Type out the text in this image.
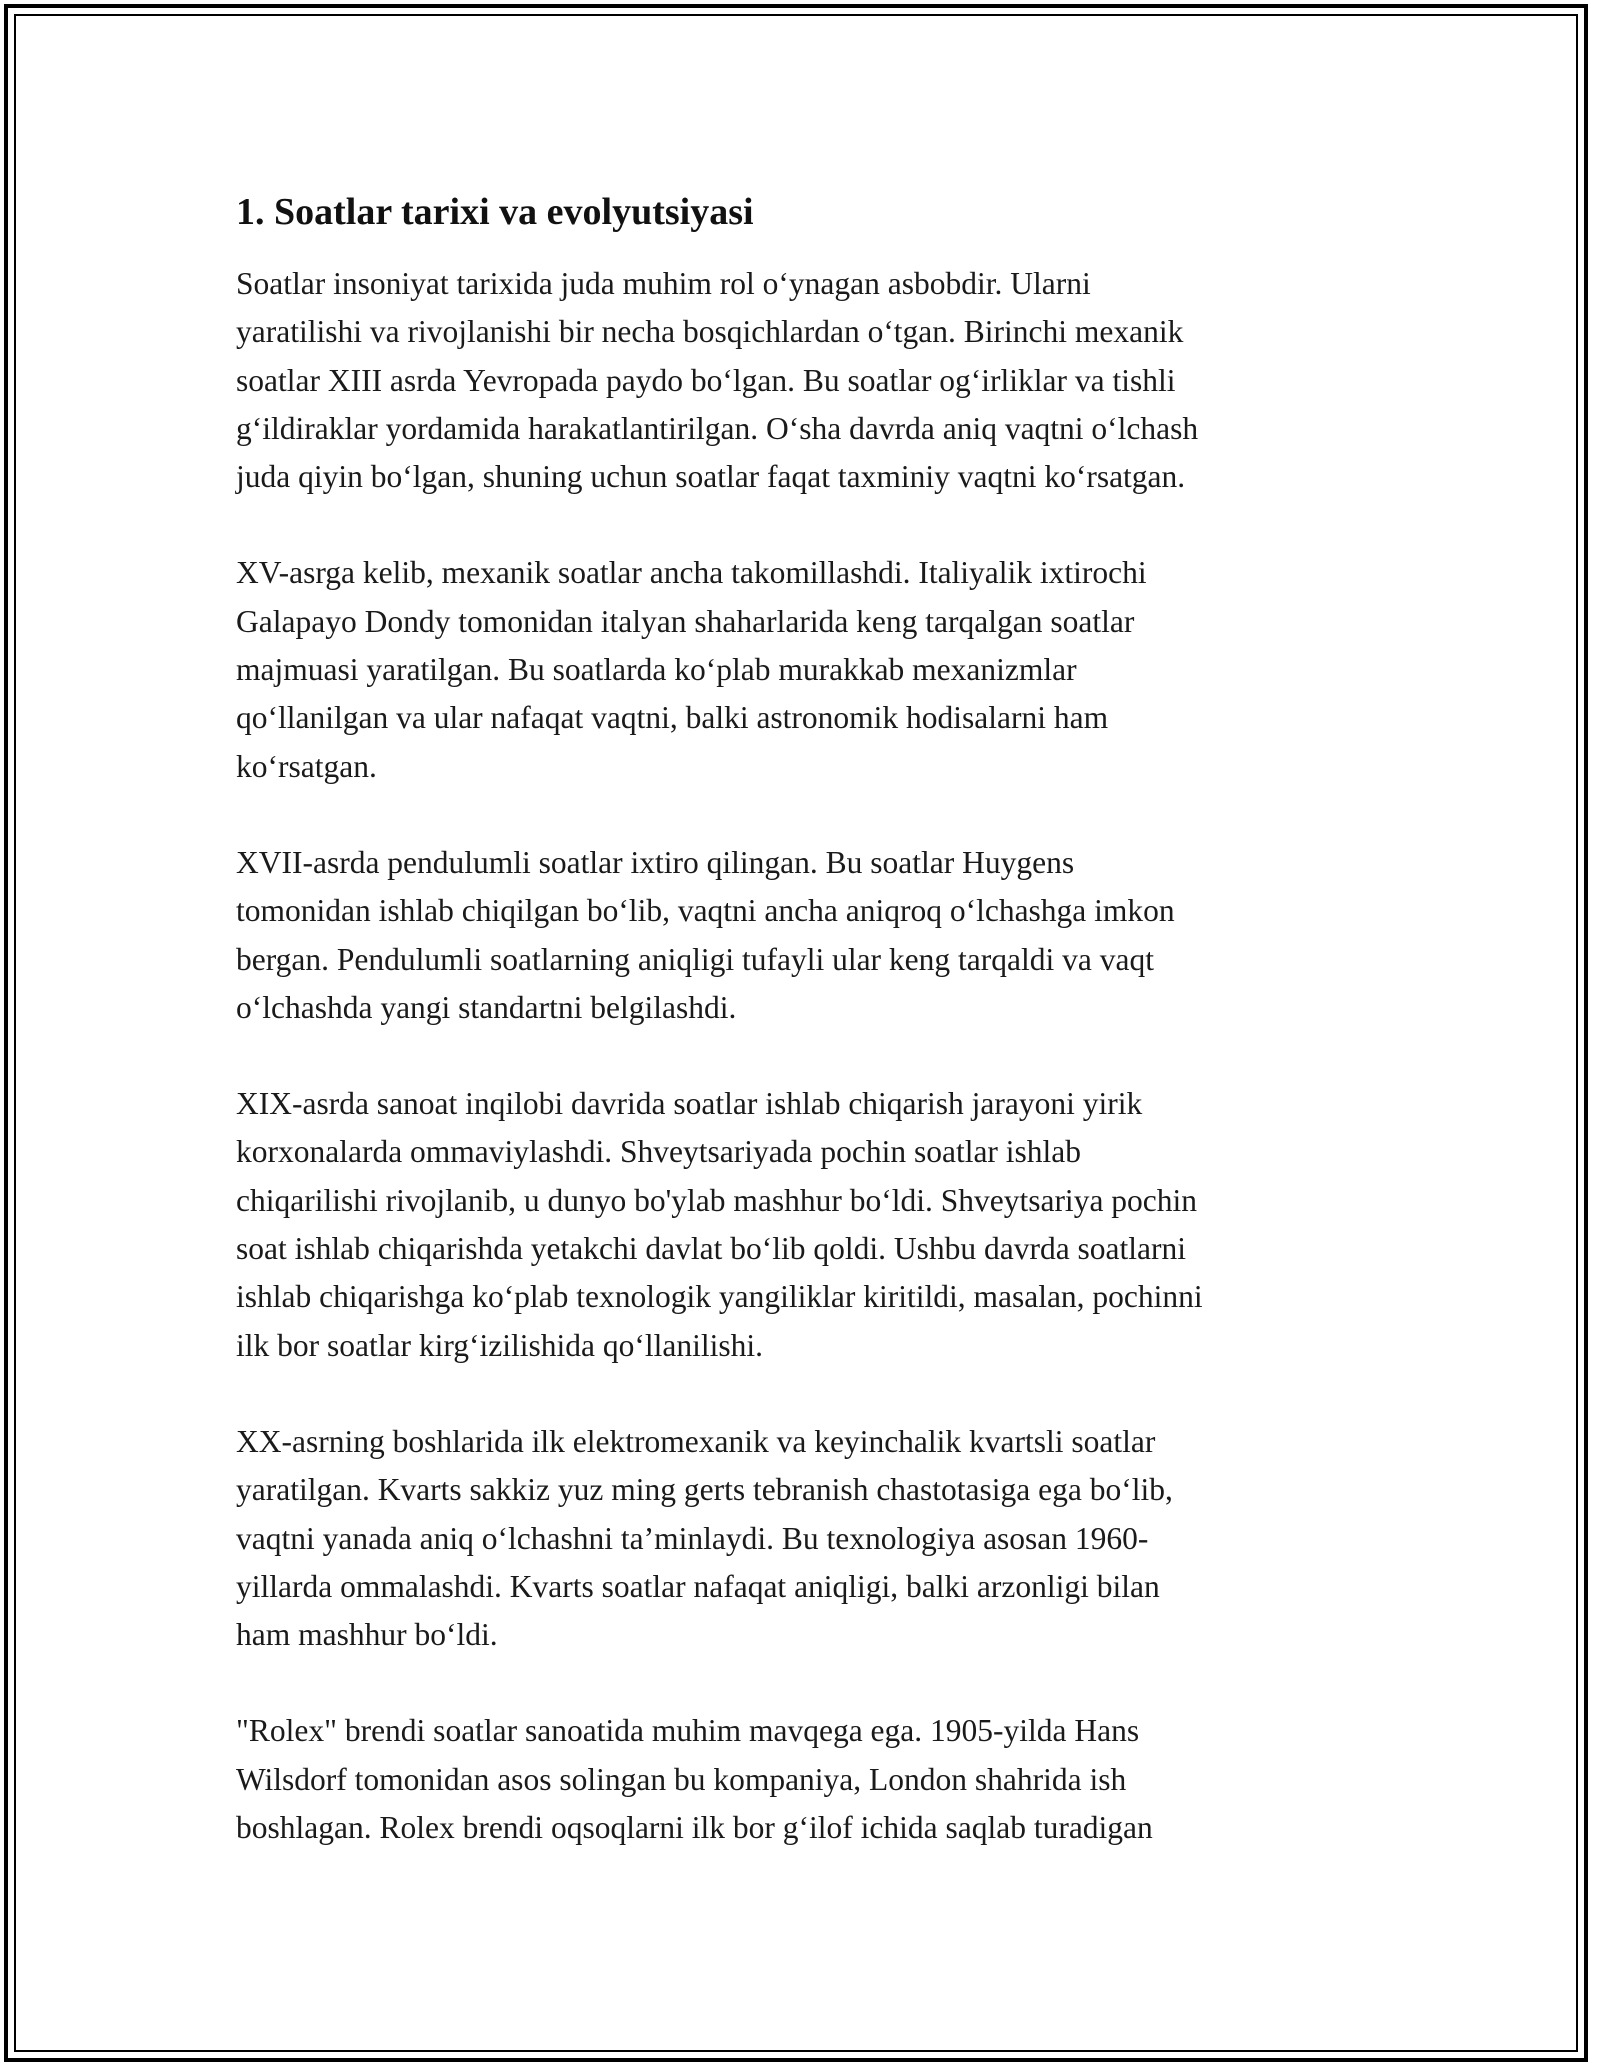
1. Soatlar tarixi va evolyutsiyasi

Soatlar insoniyat tarixida juda muhim rol o‘ynagan asbobdir. Ularni
yaratilishi va rivojlanishi bir necha bosqichlardan o‘tgan. Birinchi mexanik
soatlar XIII asrda Yevropada paydo bo‘lgan. Bu soatlar og‘irliklar va tishli
g‘ildiraklar yordamida harakatlantirilgan. O‘sha davrda aniq vaqtni o‘lchash
juda qiyin bo‘lgan, shuning uchun soatlar faqat taxminiy vaqtni ko‘rsatgan.

XV-asrga kelib, mexanik soatlar ancha takomillashdi. Italiyalik ixtirochi
Galapayo Dondy tomonidan italyan shaharlarida keng tarqalgan soatlar
majmuasi yaratilgan. Bu soatlarda ko‘plab murakkab mexanizmlar
qo‘llanilgan va ular nafaqat vaqtni, balki astronomik hodisalarni ham
ko‘rsatgan.

XVII-asrda pendulumli soatlar ixtiro qilingan. Bu soatlar Huygens
tomonidan ishlab chiqilgan bo‘lib, vaqtni ancha aniqroq o‘lchashga imkon
bergan. Pendulumli soatlarning aniqligi tufayli ular keng tarqaldi va vaqt
o‘lchashda yangi standartni belgilashdi.

XIX-asrda sanoat inqilobi davrida soatlar ishlab chiqarish jarayoni yirik
korxonalarda ommaviylashdi. Shveytsariyada pochin soatlar ishlab
chiqarilishi rivojlanib, u dunyo bo'ylab mashhur bo‘ldi. Shveytsariya pochin
soat ishlab chiqarishda yetakchi davlat bo‘lib qoldi. Ushbu davrda soatlarni
ishlab chiqarishga ko‘plab texnologik yangiliklar kiritildi, masalan, pochinni
ilk bor soatlar kirg‘izilishida qo‘llanilishi.

XX-asrning boshlarida ilk elektromexanik va keyinchalik kvartsli soatlar
yaratilgan. Kvarts sakkiz yuz ming gerts tebranish chastotasiga ega bo‘lib,
vaqtni yanada aniq o‘lchashni ta’minlaydi. Bu texnologiya asosan 1960-
yillarda ommalashdi. Kvarts soatlar nafaqat aniqligi, balki arzonligi bilan
ham mashhur bo‘ldi.

"Rolex" brendi soatlar sanoatida muhim mavqega ega. 1905-yilda Hans
Wilsdorf tomonidan asos solingan bu kompaniya, London shahrida ish
boshlagan. Rolex brendi oqsoqlarni ilk bor g‘ilof ichida saqlab turadigan
